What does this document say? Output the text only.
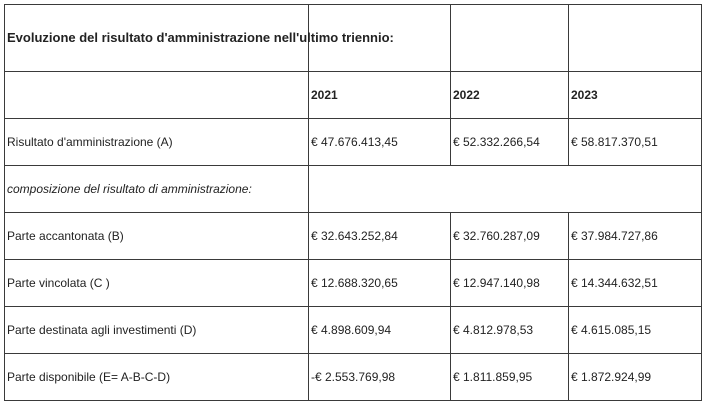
Evoluzione del risultato d'amministrazione nell'ultimo triennio:			
	2021	2022	2023
Risultato d'amministrazione (A)	€ 47.676.413,45	€ 52.332.266,54	€ 58.817.370,51
composizione del risultato di amministrazione:			
Parte accantonata (B)	€ 32.643.252,84	€ 32.760.287,09	€ 37.984.727,86
Parte vincolata (C )	€ 12.688.320,65	€ 12.947.140,98	€ 14.344.632,51
Parte destinata agli investimenti (D)	€ 4.898.609,94	€ 4.812.978,53	€ 4.615.085,15
Parte disponibile (E= A-B-C-D)	-€ 2.553.769,98	€ 1.811.859,95	€ 1.872.924,99
